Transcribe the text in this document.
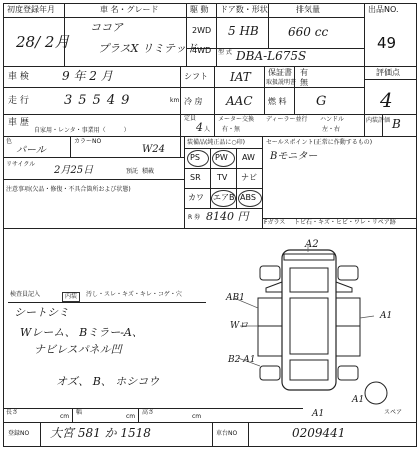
初度登録年月
28/ 2月
車 名・グレード
ココア
プラスX リミテッド
駆 動
2WD
4WD
ドア数・形状
5 HB
排気量
660 cc
型 式 DBA-L675S
出品NO.
49
車 検	9 年 2 月	シフト IAT 保証書
取扱説明書
有
無
評価点
4
走 行	35549	km 冷 房 AAC 燃 料 G
車 歴
自家用・レンタ・事業用（　　　）
定員
4 人
メーター交換
有・無
ディーラー並行 ハンドル
左・右
内装評価 B
色
パール
カラーNO
W24
リサイクル
2月25日	預託 積載
装備品(純正品に○印)	セールスポイント(正常に作動するもの)
Bモニター
PS PW AW
SR TV ナビ
カワ エアB ABS
R 券 8140 円
注意事項(欠品・修復・不具合箇所および状態)
Fガラス トビ石・キズ・ヒビ・ワレ・リペア跡
検査員記入	内装	汚し・スレ・キズ・キレ・コゲ・穴
シートシミ
Wレーム、 Bミラー-A、
ナビレスパネル凹
オズ、 B、 ホシコウ
A2
AB1
Wロ
B2 A1
A1
A1
A1	スペア
長さ
cm
幅
cm
高さ
cm
登録NO 大宮 581 か 1518	車台NO	0209441
